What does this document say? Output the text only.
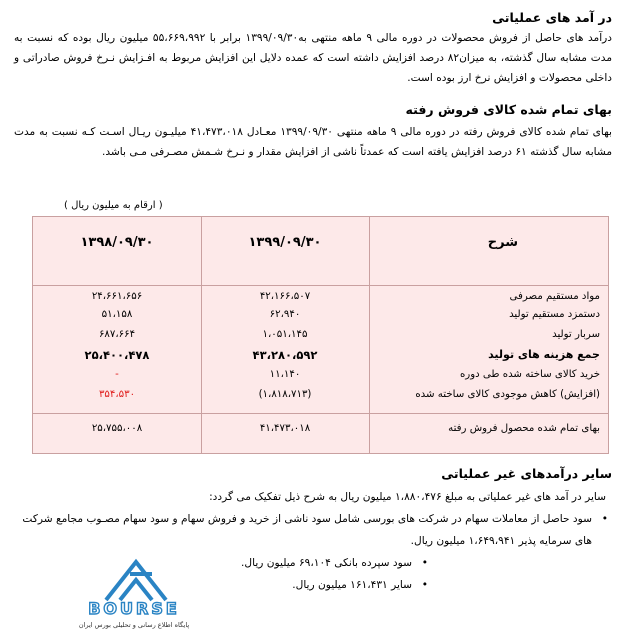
در آمد های عملیاتی
درآمد های حاصل از فروش محصولات در دوره مالی ۹ ماهه منتهی به۱۳۹۹/۰۹/۳۰ برابر با ۵۵،۶۶۹،۹۹۲ میلیون ریال بوده که نسبت به مدت مشابه سال گذشته، به میزان۸۲ درصد افزایش داشته است که عمده دلایل این افزایش مربوط به افـزایش نـرخ فروش صادراتی و داخلی محصولات و افزایش نرخ ارز بوده است.
بهای تمام شده کالای فروش رفته
بهای تمام شده کالای فروش رفته در دوره مالی ۹ ماهه منتهی ۱۳۹۹/۰۹/۳۰ معـادل ۴۱،۴۷۳،۰۱۸ میلیـون ریـال اسـت کـه نسبت به مدت مشابه سال گذشته ۶۱ درصد افزایش یافته است که عمدتاً ناشی از افزایش مقدار و نـرخ شـمش مصـرفی مـی باشد.
( ارقام به میلیون ریال )
شرح
۱۳۹۹/۰۹/۳۰
۱۳۹۸/۰۹/۳۰
مواد مستقیم مصرفی
۴۲،۱۶۶،۵۰۷
۲۴،۶۶۱،۶۵۶
دستمزد مستقیم تولید
۶۲،۹۴۰
۵۱،۱۵۸
سربار تولید
۱،۰۵۱،۱۴۵
۶۸۷،۶۶۴
جمع هزینه های تولید
۴۳،۲۸۰،۵۹۲
۲۵،۴۰۰،۴۷۸
خرید کالای ساخته شده طی دوره
۱۱،۱۴۰
-
(افزایش) کاهش موجودی کالای ساخته شده
(۱،۸۱۸،۷۱۳)
۳۵۴،۵۳۰
بهای تمام شده محصول فروش رفته
۴۱،۴۷۳،۰۱۸
۲۵،۷۵۵،۰۰۸
سایر درآمدهای غیر عملیاتی
سایر در آمد های غیر عملیاتی به مبلغ ۱،۸۸۰،۴۷۶ میلیون ریال به شرح ذیل تفکیک می گردد:
•
سود حاصل از معاملات سهام در شرکت های بورسی شامل سود ناشی از خرید و فروش سهام و سود سهام مصـوب مجامع شرکت های سرمایه پذیر ۱،۶۴۹،۹۴۱ میلیون ریال.
•
سود سپرده بانکی ۶۹،۱۰۴ میلیون ریال.
•
سایر ۱۶۱،۴۳۱ میلیون ریال.
BOURSE
پایگاه اطلاع رسانی و تحلیلی بورس ایران
